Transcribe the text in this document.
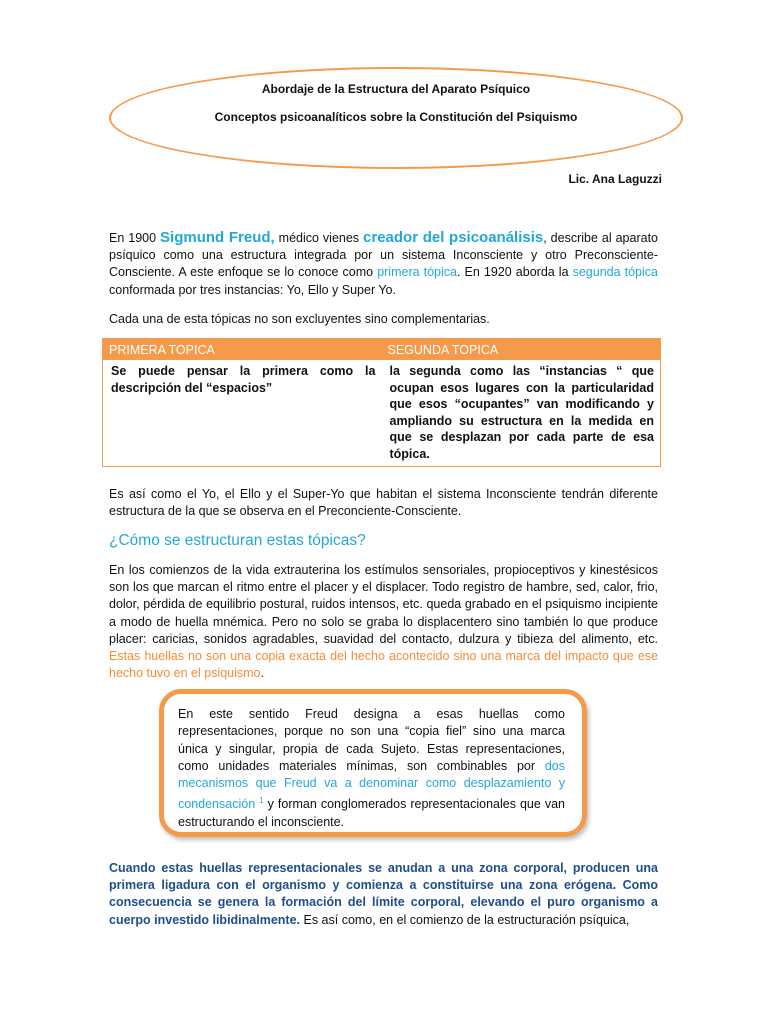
Abordaje de la Estructura del Aparato Psíquico
Conceptos psicoanalíticos sobre la Constitución del Psiquismo
Lic. Ana Laguzzi
En 1900 Sigmund Freud, médico vienes creador del psicoanálisis, describe al aparato psíquico como una estructura integrada por un sistema Inconsciente y otro Preconsciente- Consciente. A este enfoque se lo conoce como primera tópica. En 1920 aborda la segunda tópica conformada por tres instancias: Yo, Ello y Super Yo.
Cada una de esta tópicas no son excluyentes sino complementarias.
PRIMERA TOPICA	SEGUNDA TOPICA
Se puede pensar la primera como la descripción del “espacios”	la segunda como las “instancias “ que ocupan esos lugares con la particularidad que esos “ocupantes” van modificando y ampliando su estructura en la medida en que se desplazan por cada parte de esa tópica.
Es así como el Yo, el Ello y el Super-Yo que habitan el sistema Inconsciente tendrán diferente estructura de la que se observa en el Preconciente-Consciente.
¿Cómo se estructuran estas tópicas?
En los comienzos de la vida extrauterina los estímulos sensoriales, propioceptivos y kinestésicos son los que marcan el ritmo entre el placer y el displacer. Todo registro de hambre, sed, calor, frio, dolor, pérdida de equilibrio postural, ruidos intensos, etc. queda grabado en el psiquismo incipiente a modo de huella mnémica. Pero no solo se graba lo displacentero sino también lo que produce placer: caricias, sonidos agradables, suavidad del contacto, dulzura y tibieza del alimento, etc. Estas huellas no son una copia exacta del hecho acontecido sino una marca del impacto que ese hecho tuvo en el psiquismo.
En este sentido Freud designa a esas huellas como representaciones, porque no son una “copia fiel” sino una marca única y singular, propia de cada Sujeto. Estas representaciones, como unidades materiales mínimas, son combinables por dos mecanismos que Freud va a denominar como desplazamiento y condensación $^1$ y forman conglomerados representacionales que van estructurando el inconsciente.
Cuando estas huellas representacionales se anudan a una zona corporal, producen una primera ligadura con el organismo y comienza a constituirse una zona erógena. Como consecuencia se genera la formación del límite corporal, elevando el puro organismo a cuerpo investido libidinalmente. Es así como, en el comienzo de la estructuración psíquica,
